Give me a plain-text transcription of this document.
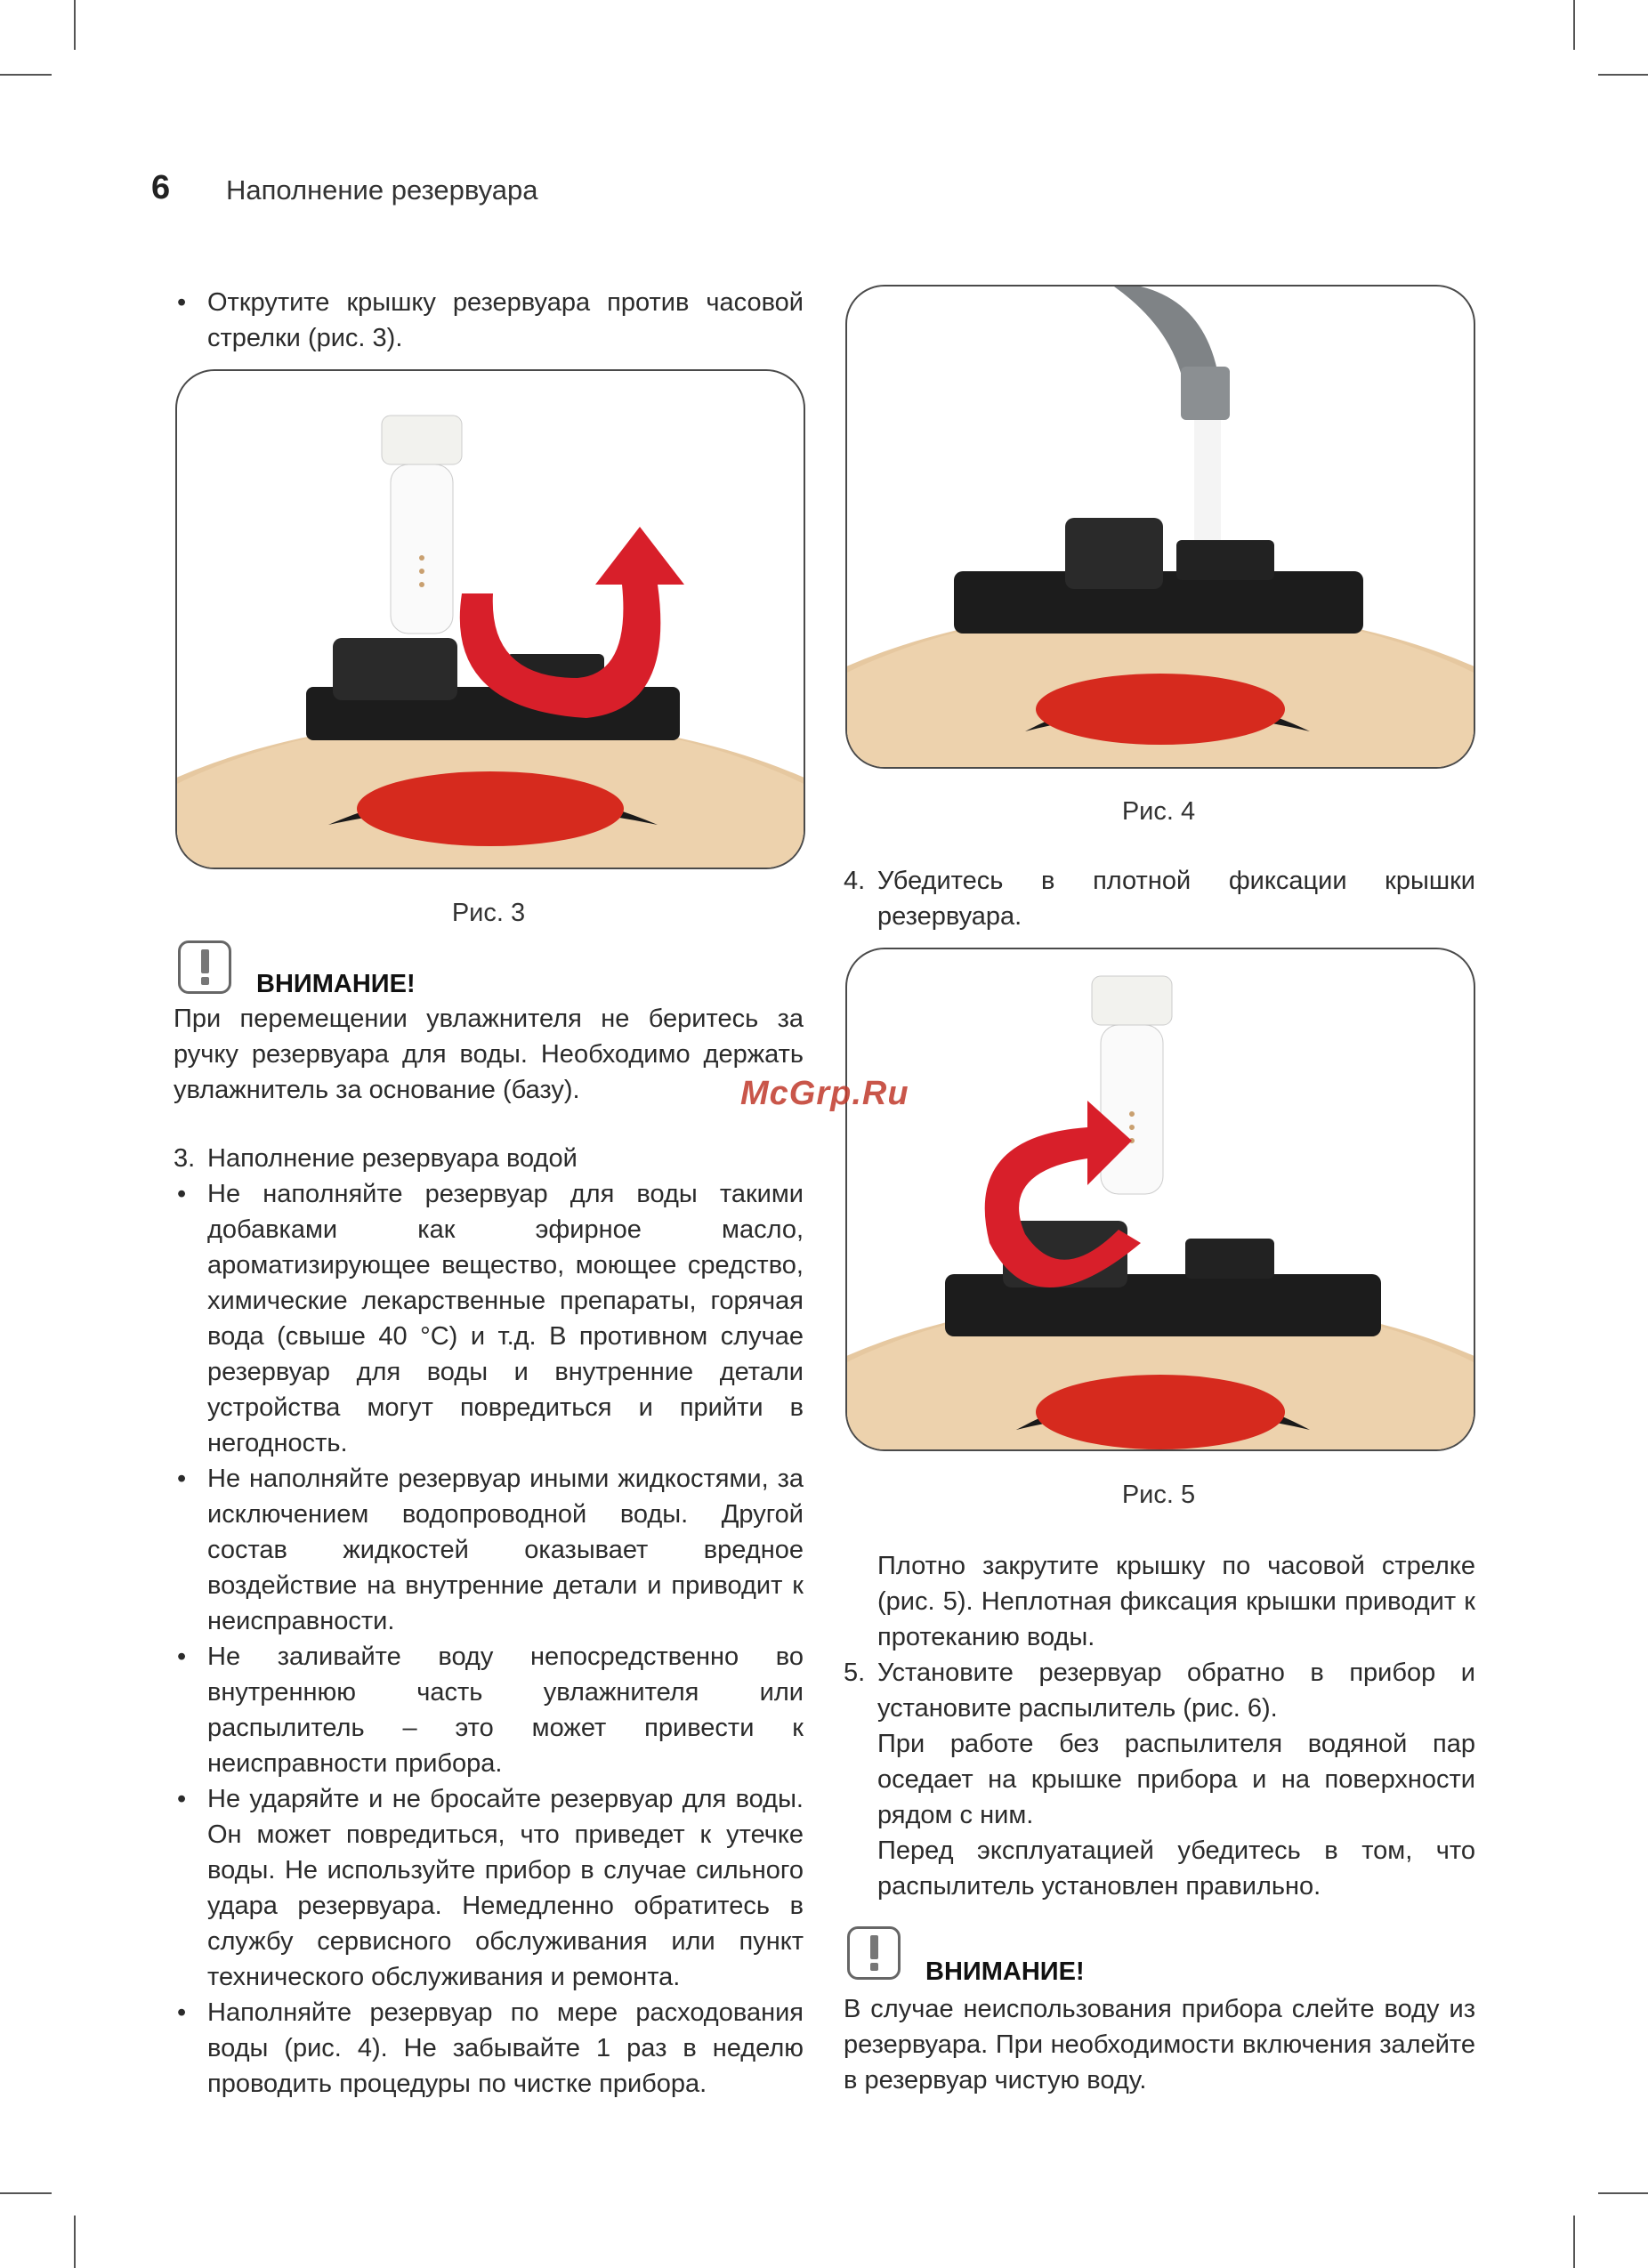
6 Наполнение резервуара
• Открутите крышку резервуара против часовой стрелки (рис. 3).
Рис. 3
ВНИМАНИЕ!
При перемещении увлажнителя не беритесь за ручку резервуара для воды. Необходимо держать увлажнитель за основание (базу).
3. Наполнение резервуара водой
• Не наполняйте резервуар для воды такими добавками как эфирное масло, ароматизирующее вещество, моющее средство, химические лекарственные препараты, горячая вода (свыше 40 °С) и т.д. В противном случае резервуар для воды и внутренние детали устройства могут повредиться и прийти в негодность.
• Не наполняйте резервуар иными жидкостями, за исключением водопроводной воды. Другой состав жидкостей оказывает вредное воздействие на внутренние детали и приводит к неисправности.
• Не заливайте воду непосредственно во внутреннюю часть увлажнителя или распылитель – это может привести к неисправности прибора.
• Не ударяйте и не бросайте резервуар для воды. Он может повредиться, что приведет к утечке воды. Не используйте прибор в случае сильного удара резервуара. Немедленно обратитесь в службу сервисного обслуживания или пункт технического обслуживания и ремонта.
• Наполняйте резервуар по мере расходования воды (рис. 4). Не забывайте 1 раз в неделю проводить процедуры по чистке прибора.
Рис. 4
4. Убедитесь в плотной фиксации крышки резервуара.
Рис. 5
Плотно закрутите крышку по часовой стрелке (рис. 5). Неплотная фиксация крышки приводит к протеканию воды.
5. Установите резервуар обратно в прибор и установите распылитель (рис. 6).
При работе без распылителя водяной пар оседает на крышке прибора и на поверхности рядом с ним.
Перед эксплуатацией убедитесь в том, что распылитель установлен правильно.
ВНИМАНИЕ!
В случае неиспользования прибора слейте воду из резервуара. При необходимости включения залейте в резервуар чистую воду.
McGrp.Ru
